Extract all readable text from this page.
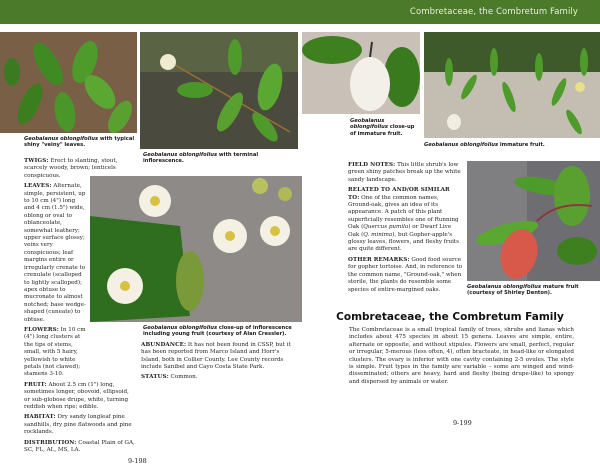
Combretaceae, the Combretum Family
Geobalanus oblongifolius with typical shiny "veiny" leaves.
Geobalanus oblongifolius with terminal inflorescence.
Geobalanus oblongifolius close-up of immature fruit.
Geobalanus oblongifolius immature fruit.
Geobalanus oblongifolius close-up of inflorescence including young fruit (courtesy of Alan Cressler).
Geobalanus oblongifolius mature fruit (courtesy of Shirley Denton).
TWIGS: Erect to slanting, stout, scarcely woody, brown; lenticels conspicuous.
LEAVES: Alternate, simple, persistent, up to 10 cm (4") long and 4 cm (1.5") wide, oblong or oval to oblanceolate, somewhat leathery; upper surface glossy; veins very conspicuous; leaf margins entire or irregularly crenate to crenulate (scalloped to lightly scalloped); apex obtuse to mucronate to almost notched; base wedge-shaped (cuneate) to obtuse.
FLOWERS: In 10 cm (4") long clusters at the tips of stems, small, with 5 hairy, yellowish to white petals (not clawed); stamens 3-10.
ABUNDANCE: It has not been found in CSSP, but it has been reported from Marco Island and Horr's Island, both in Collier County. Lee County records include Sanibel and Cayo Costa State Park.
STATUS: Common.
FRUIT: About 2.5 cm (1") long, sometimes longer, obovoid, ellipsoid, or sub-globose drupe, white, turning reddish when ripe; edible.
HABITAT: Dry sandy longleaf pine sandhills, dry pine flatwoods and pine rocklands.
DISTRIBUTION: Coastal Plain of GA, SC, FL, AL, MS, LA.
9-198
FIELD NOTES: This little shrub's low green shiny patches break up the white sandy landscape.
RELATED TO AND/OR SIMILAR TO: One of the common names, Ground-oak, gives an idea of its appearance. A patch of this plant superficially resembles one of Running Oak (Quercus pumila) or Dwarf Live Oak (Q. minima), but Gopher-apple's glossy leaves, flowers, and fleshy fruits are quite different.
OTHER REMARKS: Good food source for gopher tortoise. And, in reference to the common name, "Ground-oak," when sterile, the plants do resemble some species of entire-margined oaks.
Combretaceae, the Combretum Family
The Combretaceae is a small tropical family of trees, shrubs and lianas which includes about 475 species in about 15 genera. Leaves are simple, entire, alternate or opposite, and without stipules. Flowers are small, perfect, regular or irregular, 5-merous (less often, 4), often bracteate, in head-like or elongated clusters. The ovary is inferior with one cavity containing 2-5 ovules. The style is simple. Fruit types in the family are variable – some are winged and wind-disseminated; others are heavy, hard and fleshy (being drupe-like) to spongy and dispersed by animals or water.
9-199
